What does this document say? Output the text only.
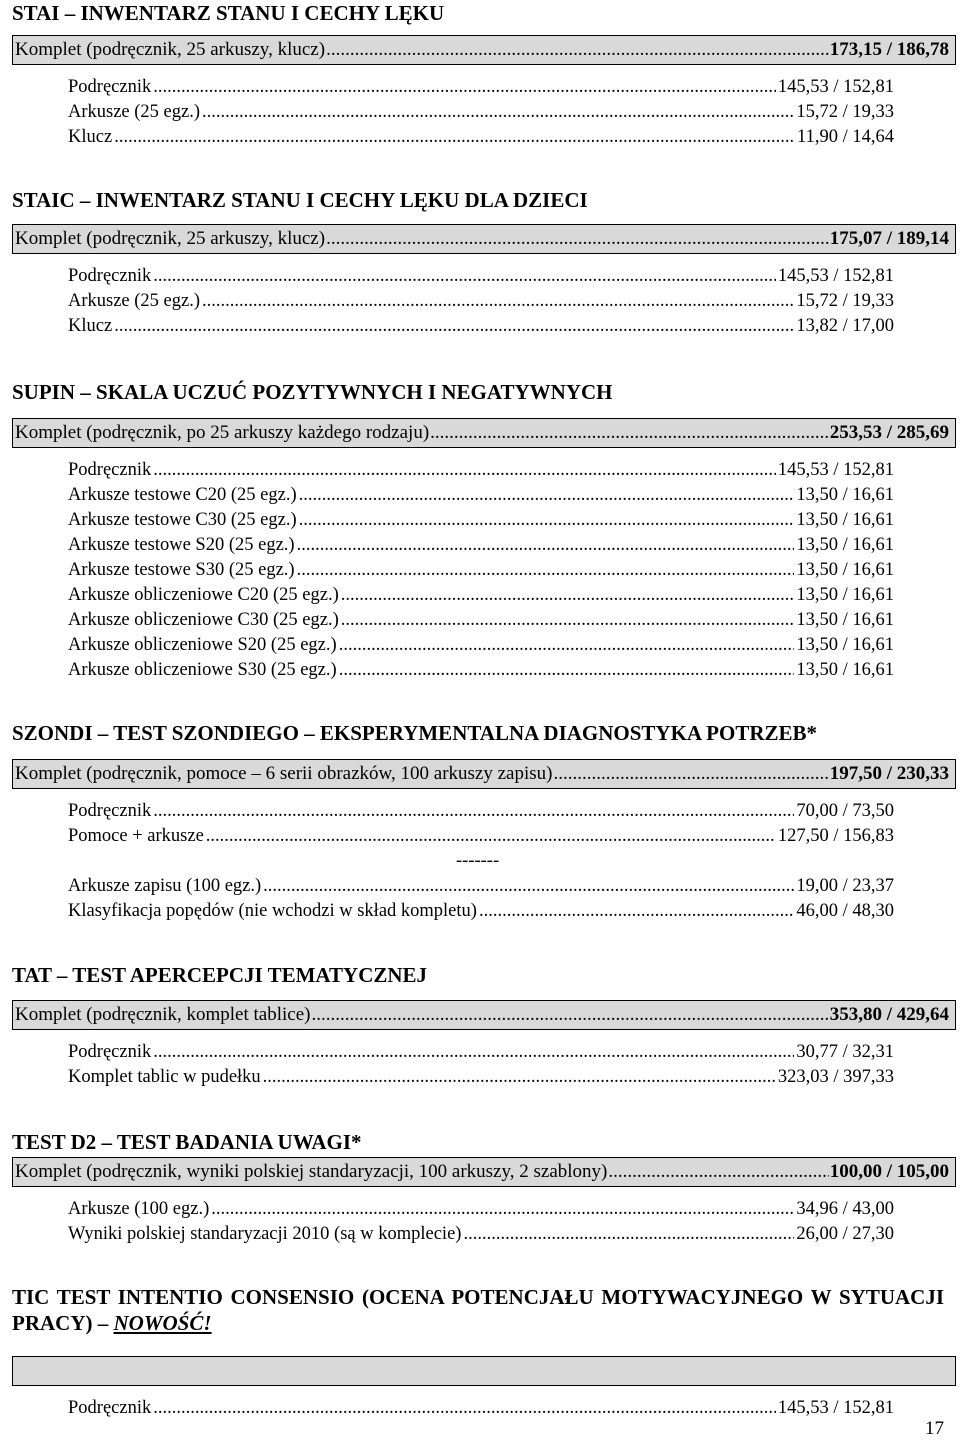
STAI – INWENTARZ STANU I CECHY LĘKU
Komplet (podręcznik, 25 arkuszy, klucz) .....	173,15 / 186,78
Podręcznik .....	145,53 / 152,81
Arkusze (25 egz.) .....	15,72 / 19,33
Klucz .....	11,90 / 14,64
STAIC – INWENTARZ STANU I CECHY LĘKU DLA DZIECI
Komplet (podręcznik, 25 arkuszy, klucz) .....	175,07 / 189,14
Podręcznik .....	145,53 / 152,81
Arkusze (25 egz.) .....	15,72 / 19,33
Klucz .....	13,82 / 17,00
SUPIN – SKALA UCZUĆ POZYTYWNYCH I NEGATYWNYCH
Komplet (podręcznik, po 25 arkuszy każdego rodzaju) .....	253,53 / 285,69
Podręcznik .....	145,53 / 152,81
Arkusze testowe C20 (25 egz.) .....	13,50 / 16,61
Arkusze testowe C30 (25 egz.) .....	13,50 / 16,61
Arkusze testowe S20 (25 egz.) .....	13,50 / 16,61
Arkusze testowe S30 (25 egz.) .....	13,50 / 16,61
Arkusze obliczeniowe C20 (25 egz.) .....	13,50 / 16,61
Arkusze obliczeniowe C30 (25 egz.) .....	13,50 / 16,61
Arkusze obliczeniowe S20 (25 egz.) .....	13,50 / 16,61
Arkusze obliczeniowe S30 (25 egz.) .....	13,50 / 16,61
SZONDI – TEST SZONDIEGO – EKSPERYMENTALNA DIAGNOSTYKA POTRZEB*
Komplet (podręcznik, pomoce – 6 serii obrazków, 100 arkuszy zapisu) .....	197,50 / 230,33
Podręcznik .....	70,00 / 73,50
Pomoce + arkusze .....	127,50 / 156,83
-------
Arkusze zapisu (100 egz.) .....	19,00 / 23,37
Klasyfikacja popędów (nie wchodzi w skład kompletu) .....	46,00 / 48,30
TAT – TEST APERCEPCJI TEMATYCZNEJ
Komplet (podręcznik, komplet tablice) .....	353,80 / 429,64
Podręcznik .....	30,77 / 32,31
Komplet tablic w pudełku .....	323,03 / 397,33
TEST D2 – TEST BADANIA UWAGI*
Komplet (podręcznik, wyniki polskiej standaryzacji, 100 arkuszy, 2 szablony) .....	100,00 / 105,00
Arkusze (100 egz.) .....	34,96 / 43,00
Wyniki polskiej standaryzacji 2010 (są w komplecie) .....	26,00 / 27,30
TIC TEST INTENTIO CONSENSIO (OCENA POTENCJAŁU MOTYWACYJNEGO W SYTUACJI PRACY) – NOWOŚĆ!
Podręcznik .....	145,53 / 152,81
17
